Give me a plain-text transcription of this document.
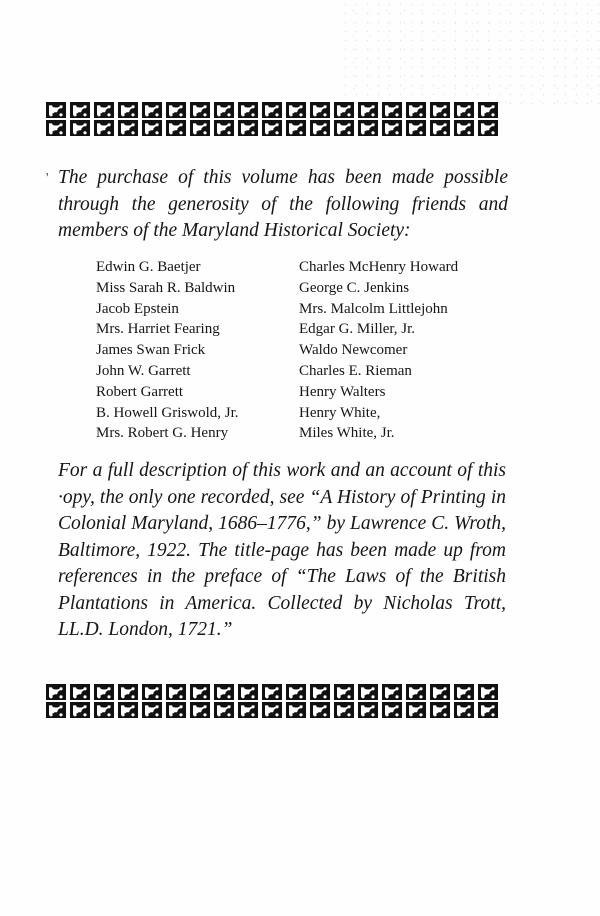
' The purchase of this volume has been made possible through the generosity of the following friends and members of the Maryland Historical Society:

Edwin G. Baetjer
Miss Sarah R. Baldwin
Jacob Epstein
Mrs. Harriet Fearing
James Swan Frick
John W. Garrett
Robert Garrett
B. Howell Griswold, Jr.
Mrs. Robert G. Henry
Charles McHenry Howard
George C. Jenkins
Mrs. Malcolm Littlejohn
Edgar G. Miller, Jr.
Waldo Newcomer
Charles E. Rieman
Henry Walters
Henry White,
Miles White, Jr.

For a full description of this work and an account of this ·opy, the only one recorded, see “A History of Printing in Colonial Maryland, 1686–1776,” by Lawrence C. Wroth, Baltimore, 1922. The title-page has been made up from references in the preface of “The Laws of the British Plantations in America. Collected by Nicholas Trott, LL.D. London, 1721.”
